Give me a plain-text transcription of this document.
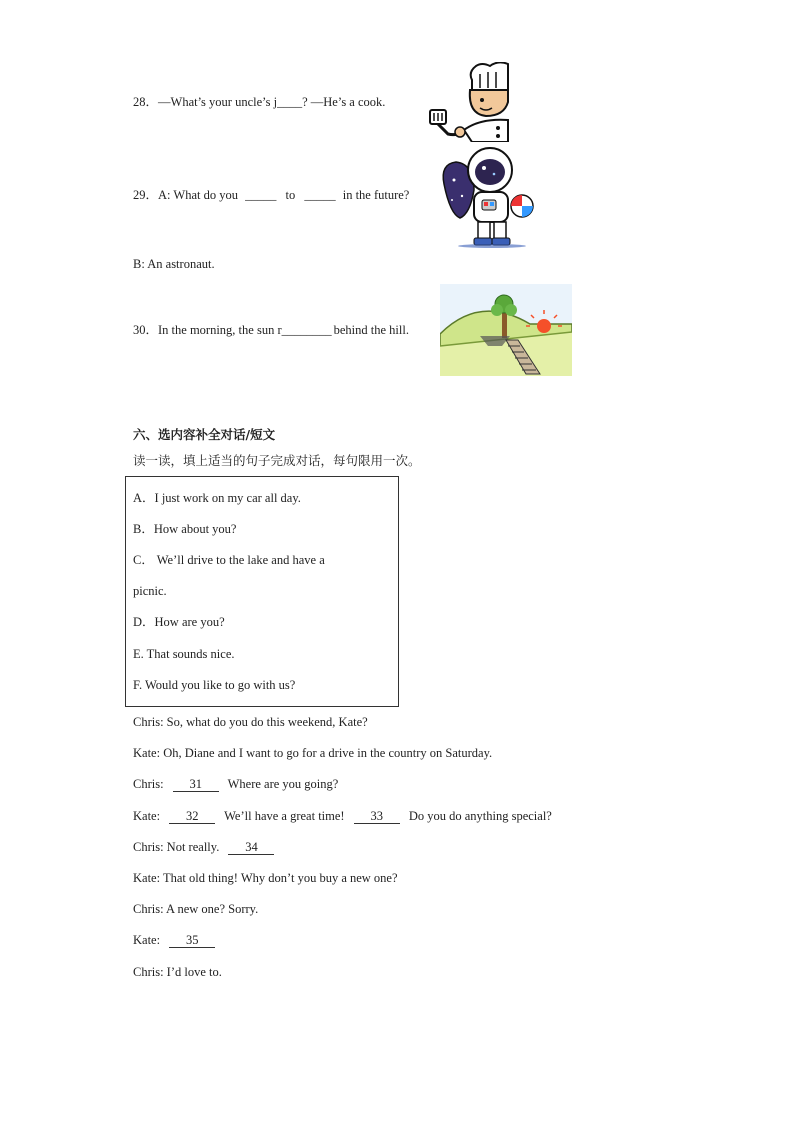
28．—What’s your uncle’s j____? —He’s a cook.
29．A: What do you _____ to _____ in the future?
B: An astronaut.
30．In the morning, the sun r________ behind the hill.
六、选内容补全对话/短文
读一读，填上适当的句子完成对话，每句限用一次。
A．I just work on my car all day.
B．How about you?
C． We’ll drive to the lake and have a
picnic.
D．How are you?
E. That sounds nice.
F. Would you like to go with us?
Chris: So, what do you do this weekend, Kate?
Kate: Oh, Diane and I want to go for a drive in the country on Saturday.
Chris: 31 Where are you going?
Kate: 32 We’ll have a great time! 33 Do you do anything special?
Chris: Not really. 34
Kate: That old thing! Why don’t you buy a new one?
Chris: A new one? Sorry.
Kate: 35
Chris: I’d love to.
